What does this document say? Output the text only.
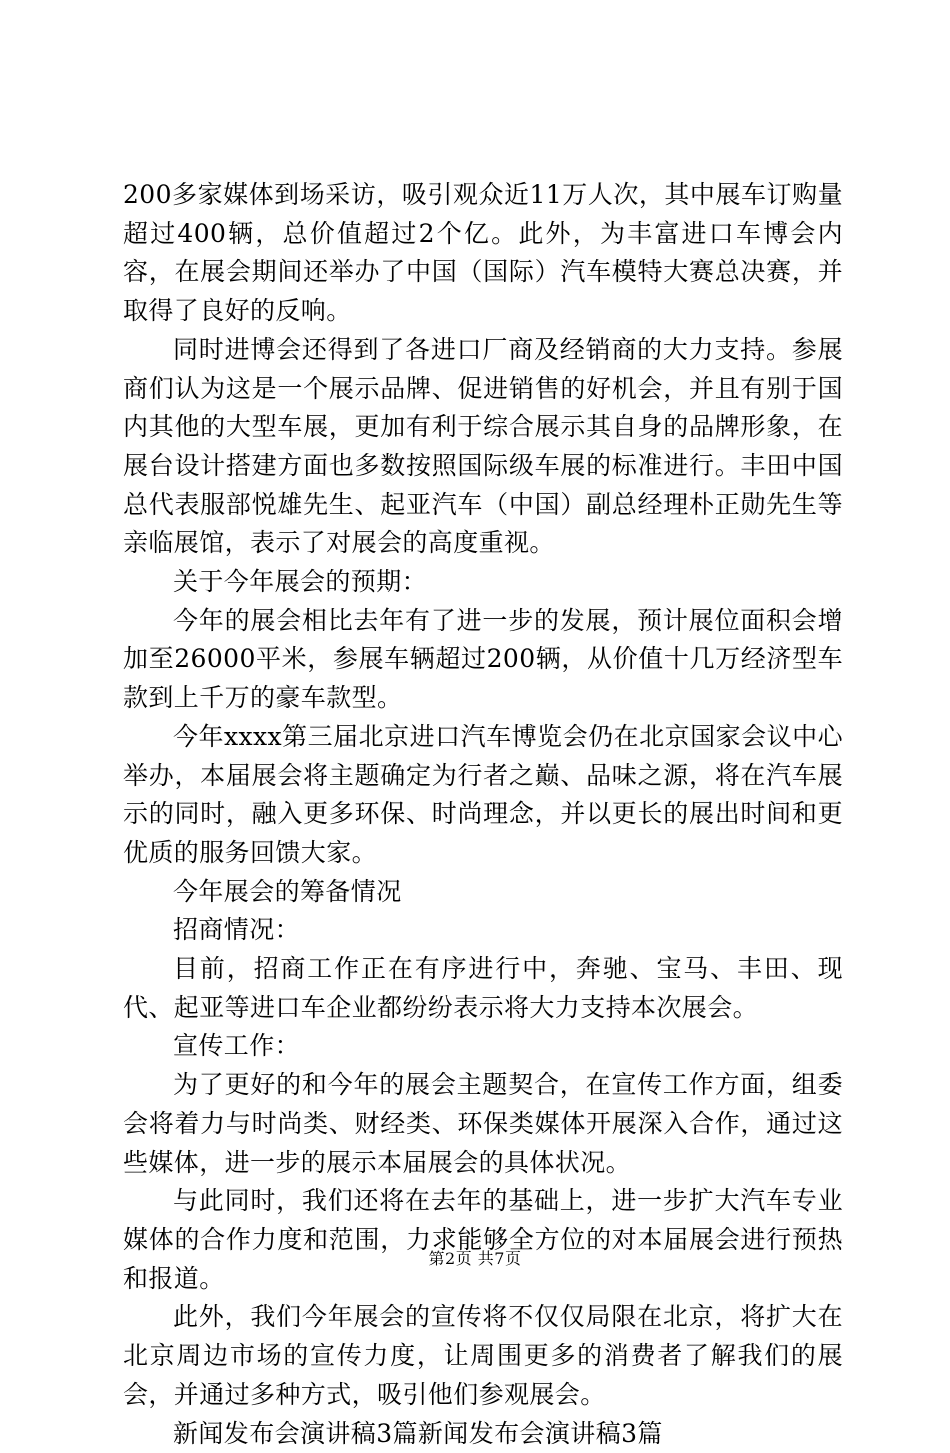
200多家媒体到场采访，吸引观众近11万人次，其中展车订购量超过400辆，总价值超过2个亿。此外，为丰富进口车博会内容，在展会期间还举办了中国（国际）汽车模特大赛总决赛，并取得了良好的反响。

同时进博会还得到了各进口厂商及经销商的大力支持。参展商们认为这是一个展示品牌、促进销售的好机会，并且有别于国内其他的大型车展，更加有利于综合展示其自身的品牌形象，在展台设计搭建方面也多数按照国际级车展的标准进行。丰田中国总代表服部悦雄先生、起亚汽车（中国）副总经理朴正勋先生等亲临展馆，表示了对展会的高度重视。

关于今年展会的预期：

今年的展会相比去年有了进一步的发展，预计展位面积会增加至26000平米，参展车辆超过200辆，从价值十几万经济型车款到上千万的豪车款型。

今年xxxx第三届北京进口汽车博览会仍在北京国家会议中心举办，本届展会将主题确定为行者之巅、品味之源，将在汽车展示的同时，融入更多环保、时尚理念，并以更长的展出时间和更优质的服务回馈大家。

今年展会的筹备情况

招商情况：

目前，招商工作正在有序进行中，奔驰、宝马、丰田、现代、起亚等进口车企业都纷纷表示将大力支持本次展会。

宣传工作：

为了更好的和今年的展会主题契合，在宣传工作方面，组委会将着力与时尚类、财经类、环保类媒体开展深入合作，通过这些媒体，进一步的展示本届展会的具体状况。

与此同时，我们还将在去年的基础上，进一步扩大汽车专业媒体的合作力度和范围，力求能够全方位的对本届展会进行预热和报道。

此外，我们今年展会的宣传将不仅仅局限在北京，将扩大在北京周边市场的宣传力度，让周围更多的消费者了解我们的展会，并通过多种方式，吸引他们参观展会。

新闻发布会演讲稿3篇新闻发布会演讲稿3篇

第2页 共7页
